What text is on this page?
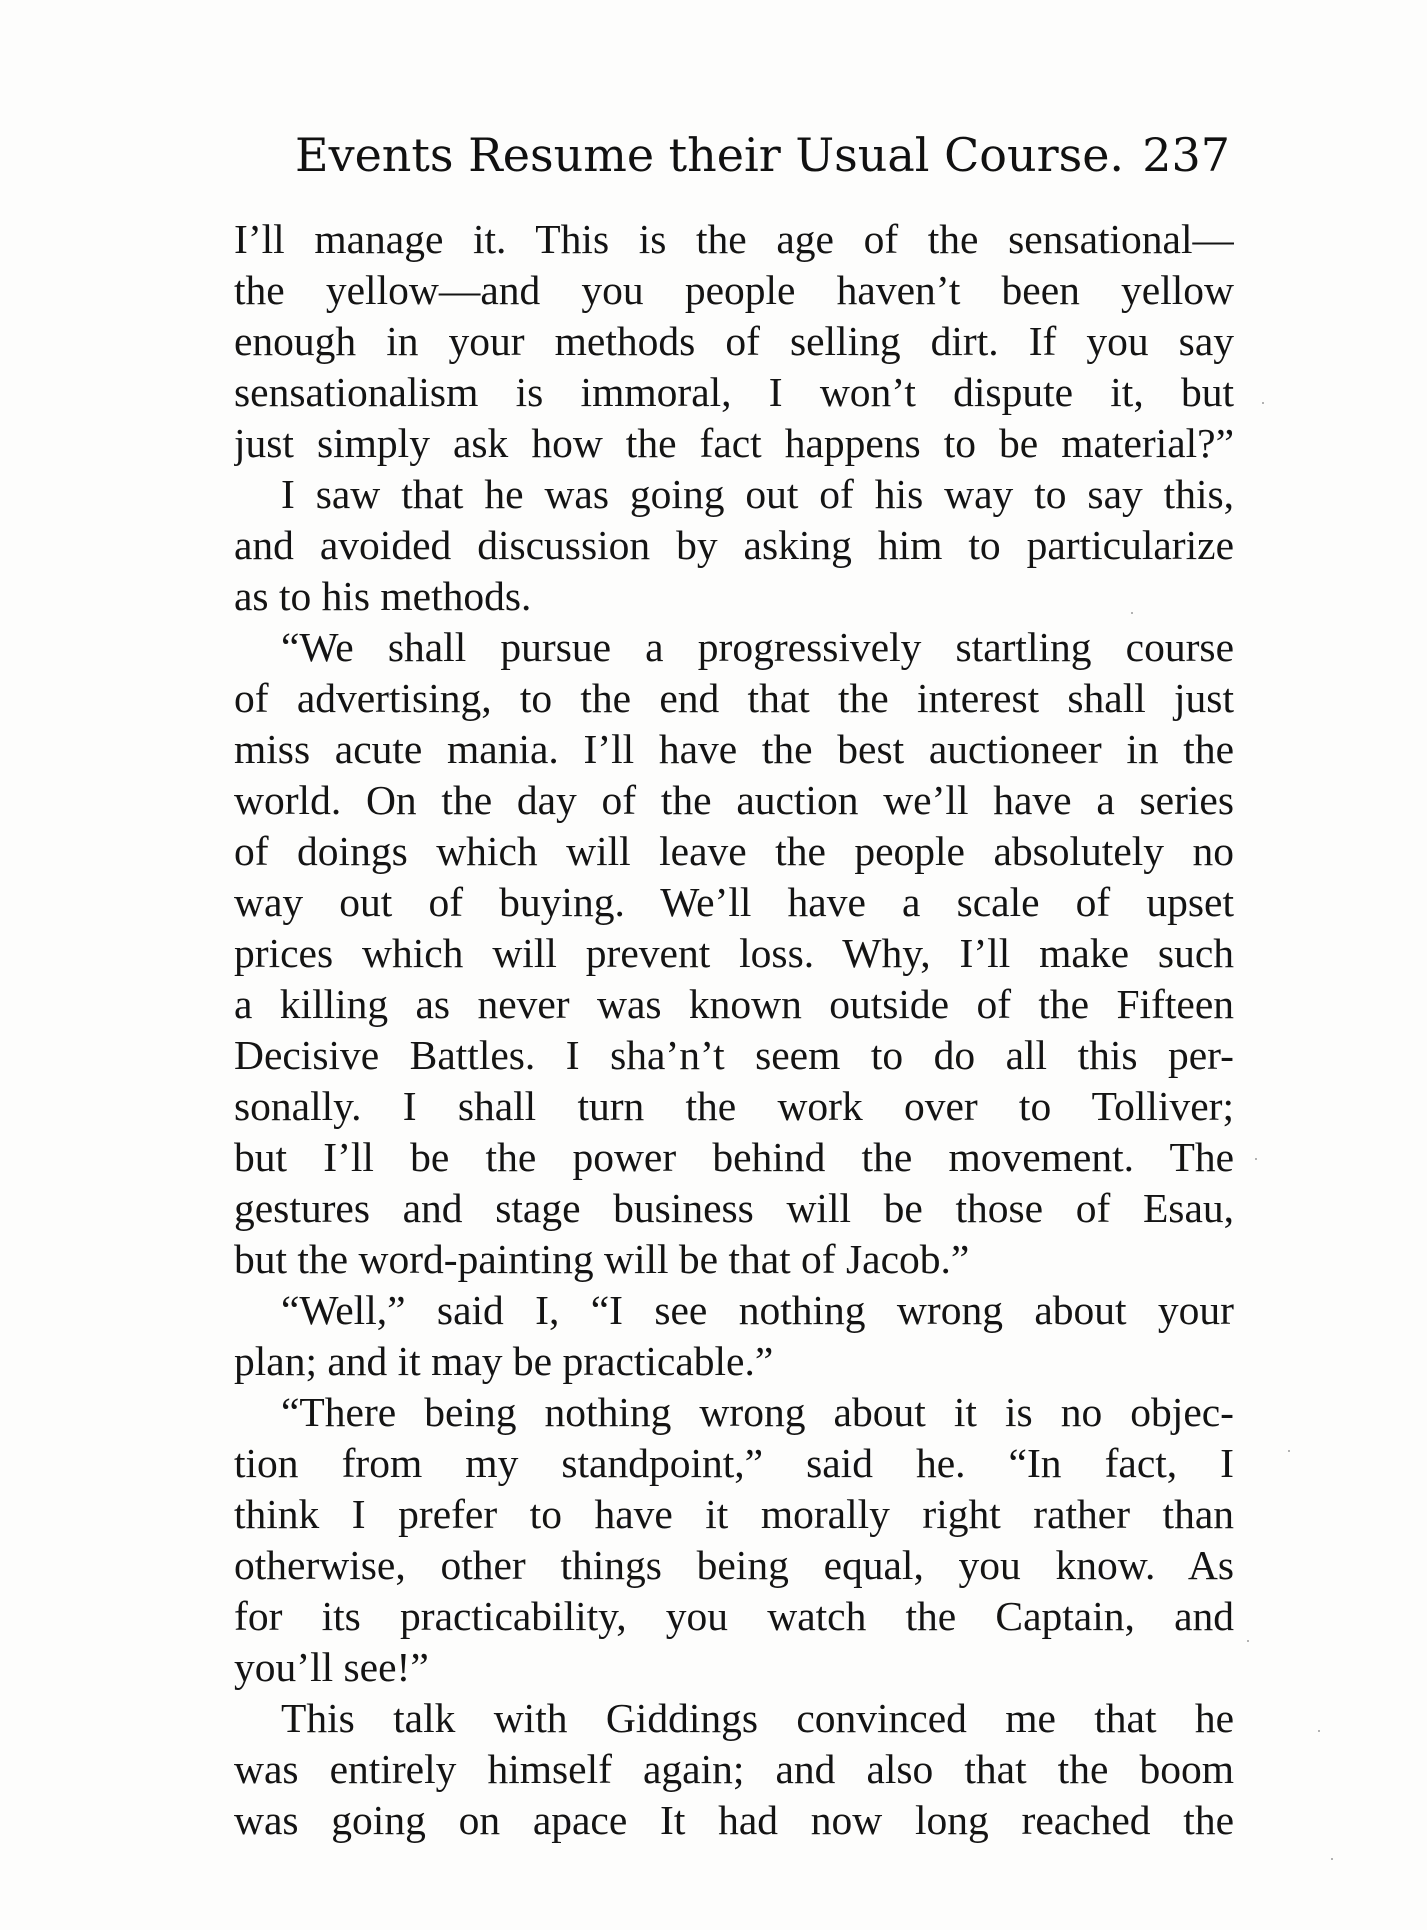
Events Resume their Usual Course. 237
I’ll manage it. This is the age of the sensational—
the yellow—and you people haven’t been yellow
enough in your methods of selling dirt. If you say
sensationalism is immoral, I won’t dispute it, but
just simply ask how the fact happens to be material?”
I saw that he was going out of his way to say this,
and avoided discussion by asking him to particularize
as to his methods.
“We shall pursue a progressively startling course
of advertising, to the end that the interest shall just
miss acute mania. I’ll have the best auctioneer in the
world. On the day of the auction we’ll have a series
of doings which will leave the people absolutely no
way out of buying. We’ll have a scale of upset
prices which will prevent loss. Why, I’ll make such
a killing as never was known outside of the Fifteen
Decisive Battles. I sha’n’t seem to do all this per-
sonally. I shall turn the work over to Tolliver;
but I’ll be the power behind the movement. The
gestures and stage business will be those of Esau,
but the word-painting will be that of Jacob.”
“Well,” said I, “I see nothing wrong about your
plan; and it may be practicable.”
“There being nothing wrong about it is no objec-
tion from my standpoint,” said he. “In fact, I
think I prefer to have it morally right rather than
otherwise, other things being equal, you know. As
for its practicability, you watch the Captain, and
you’ll see!”
This talk with Giddings convinced me that he
was entirely himself again; and also that the boom
was going on apace It had now long reached the
